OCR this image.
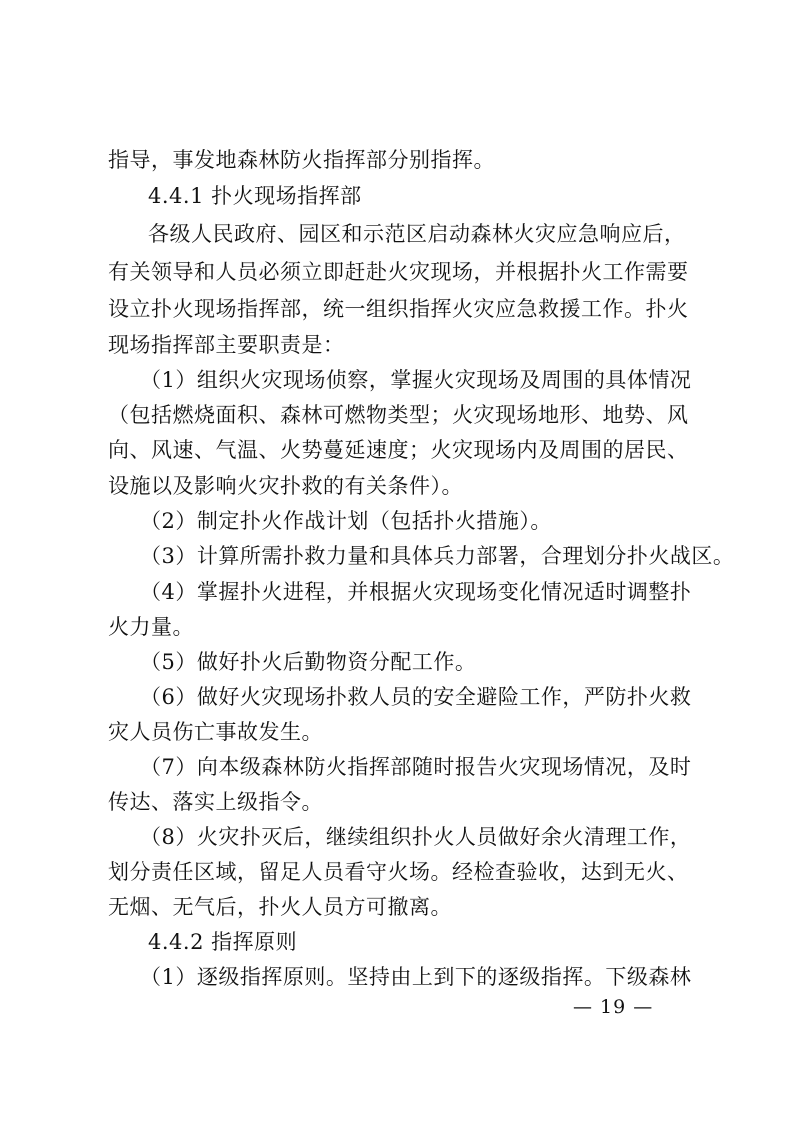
指导，事发地森林防火指挥部分别指挥。
4.4.1 扑火现场指挥部
各级人民政府、园区和示范区启动森林火灾应急响应后，
有关领导和人员必须立即赶赴火灾现场，并根据扑火工作需要
设立扑火现场指挥部，统一组织指挥火灾应急救援工作。扑火
现场指挥部主要职责是：
（1）组织火灾现场侦察，掌握火灾现场及周围的具体情况
（包括燃烧面积、森林可燃物类型；火灾现场地形、地势、风
向、风速、气温、火势蔓延速度；火灾现场内及周围的居民、
设施以及影响火灾扑救的有关条件）。
（2）制定扑火作战计划（包括扑火措施）。
（3）计算所需扑救力量和具体兵力部署，合理划分扑火战区。
（4）掌握扑火进程，并根据火灾现场变化情况适时调整扑
火力量。
（5）做好扑火后勤物资分配工作。
（6）做好火灾现场扑救人员的安全避险工作，严防扑火救
灾人员伤亡事故发生。
（7）向本级森林防火指挥部随时报告火灾现场情况，及时
传达、落实上级指令。
（8）火灾扑灭后，继续组织扑火人员做好余火清理工作，
划分责任区域，留足人员看守火场。经检查验收，达到无火、
无烟、无气后，扑火人员方可撤离。
4.4.2 指挥原则
（1）逐级指挥原则。坚持由上到下的逐级指挥。下级森林
— 19 —
